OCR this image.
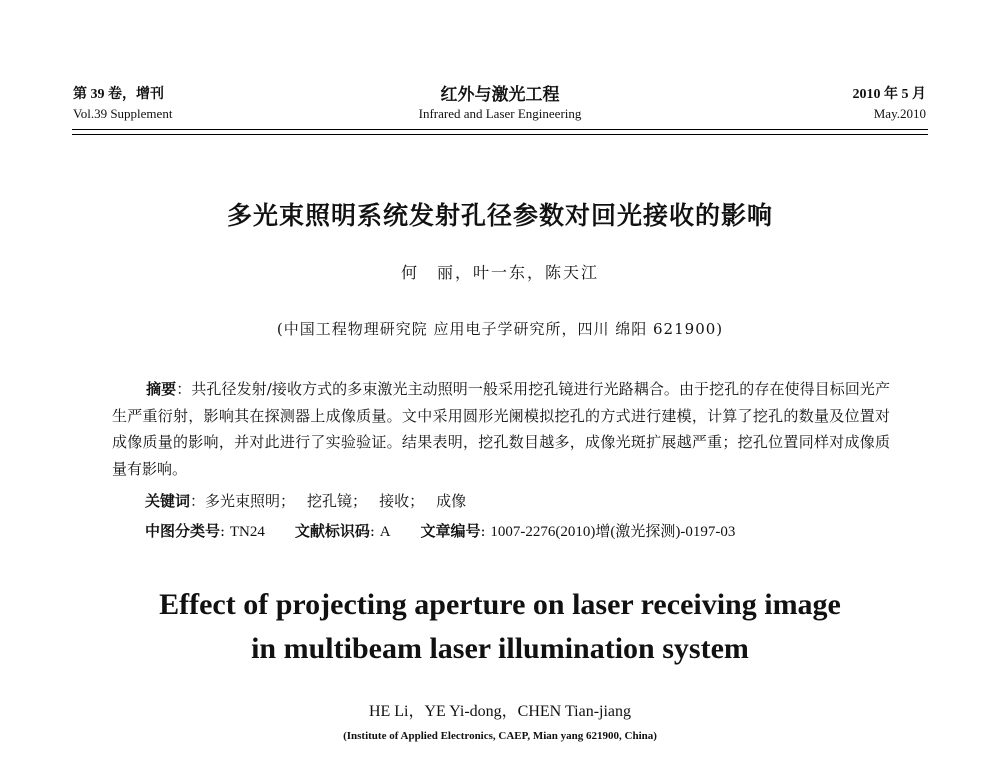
第 39 卷，增刊
Vol.39 Supplement
红外与激光工程
Infrared and Laser Engineering
2010 年 5 月
May.2010
多光束照明系统发射孔径参数对回光接收的影响
何　丽，叶一东，陈天江
(中国工程物理研究院 应用电子学研究所，四川 绵阳 621900)
摘要：共孔径发射/接收方式的多束激光主动照明一般采用挖孔镜进行光路耦合。由于挖孔的存在使得目标回光产生严重衍射，影响其在探测器上成像质量。文中采用圆形光阑模拟挖孔的方式进行建模，计算了挖孔的数量及位置对成像质量的影响，并对此进行了实验验证。结果表明，挖孔数目越多，成像光斑扩展越严重；挖孔位置同样对成像质量有影响。
关键词：多光束照明； 挖孔镜； 接收； 成像
中图分类号: TN24 文献标识码: A 文章编号: 1007-2276(2010)增(激光探测)-0197-03
Effect of projecting aperture on laser receiving image
in multibeam laser illumination system
HE Li，YE Yi-dong，CHEN Tian-jiang
(Institute of Applied Electronics, CAEP, Mian yang 621900, China)
